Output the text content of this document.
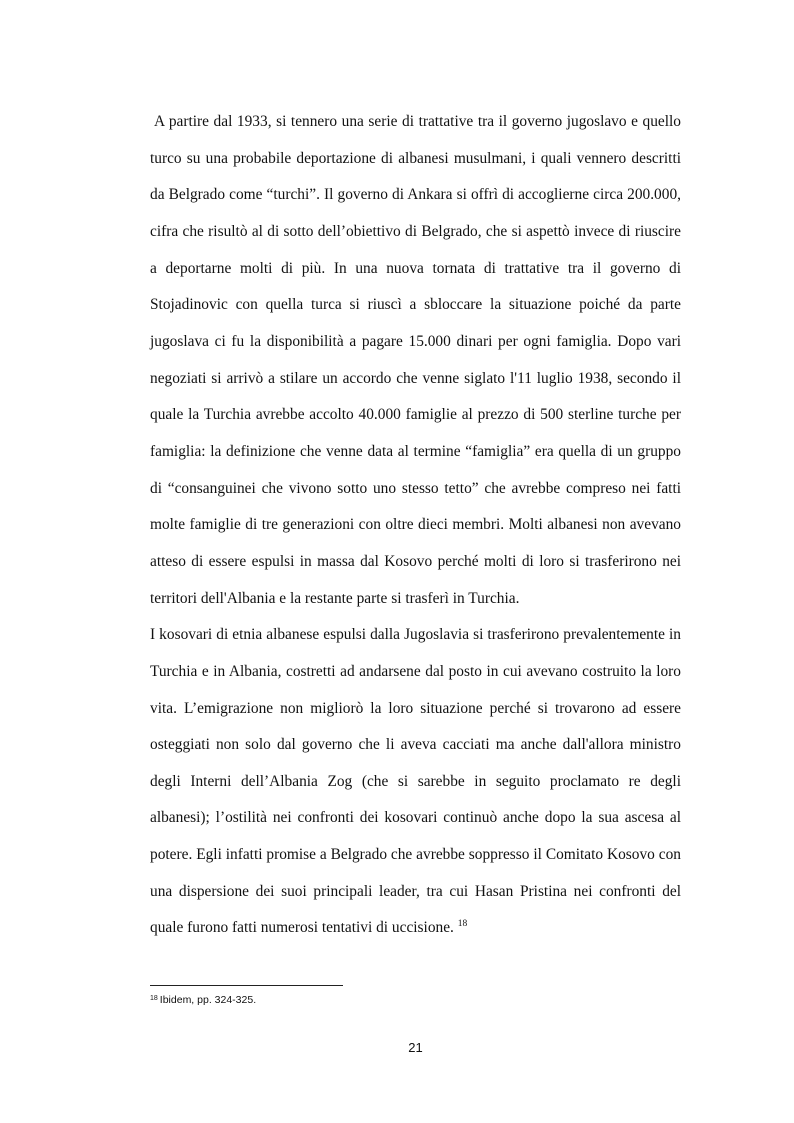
A partire dal 1933, si tennero una serie di trattative tra il governo jugoslavo e quello turco su una probabile deportazione di albanesi musulmani, i quali vennero descritti da Belgrado come “turchi”. Il governo di Ankara si offrì di accoglierne circa 200.000, cifra che risultò al di sotto dell’obiettivo di Belgrado, che si aspettò invece di riuscire a deportarne molti di più. In una nuova tornata di trattative tra il governo di Stojadinovic con quella turca si riuscì a sbloccare la situazione poiché da parte jugoslava ci fu la disponibilità a pagare 15.000 dinari per ogni famiglia. Dopo vari negoziati si arrivò a stilare un accordo che venne siglato l'11 luglio 1938, secondo il quale la Turchia avrebbe accolto 40.000 famiglie al prezzo di 500 sterline turche per famiglia: la definizione che venne data al termine “famiglia” era quella di un gruppo di “consanguinei che vivono sotto uno stesso tetto” che avrebbe compreso nei fatti molte famiglie di tre generazioni con oltre dieci membri. Molti albanesi non avevano atteso di essere espulsi in massa dal Kosovo perché molti di loro si trasferirono nei territori dell'Albania e la restante parte si trasferì in Turchia.

I kosovari di etnia albanese espulsi dalla Jugoslavia si trasferirono prevalentemente in Turchia e in Albania, costretti ad andarsene dal posto in cui avevano costruito la loro vita. L’emigrazione non migliorò la loro situazione perché si trovarono ad essere osteggiati non solo dal governo che li aveva cacciati ma anche dall'allora ministro degli Interni dell’Albania Zog (che si sarebbe in seguito proclamato re degli albanesi); l’ostilità nei confronti dei kosovari continuò anche dopo la sua ascesa al potere. Egli infatti promise a Belgrado che avrebbe soppresso il Comitato Kosovo con una dispersione dei suoi principali leader, tra cui Hasan Pristina nei confronti del quale furono fatti numerosi tentativi di uccisione. $^{18}$

$^{18}$ Ibidem, pp. 324-325.

21
